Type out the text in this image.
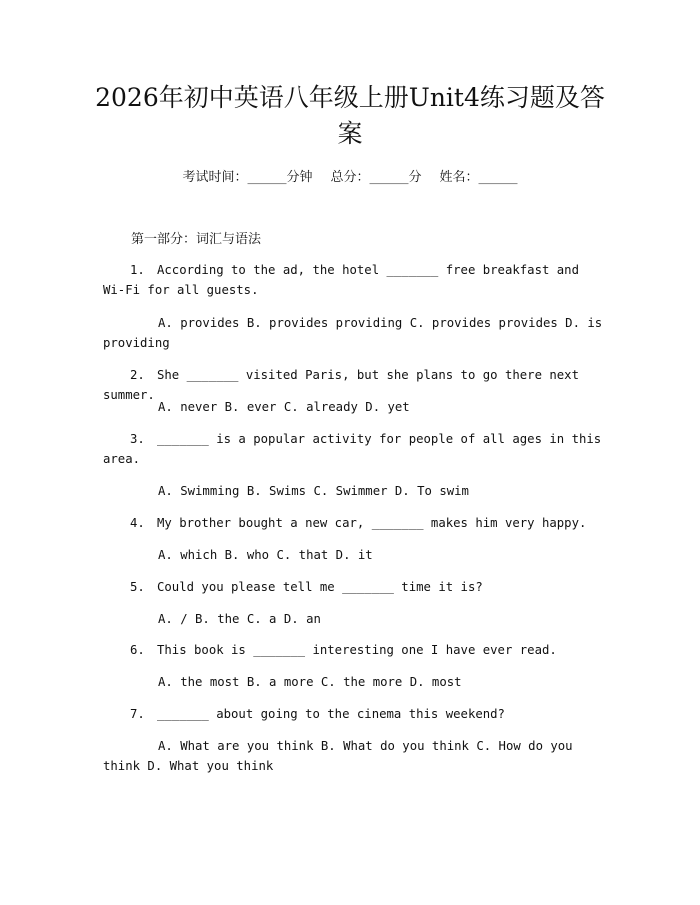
2026年初中英语八年级上册Unit4练习题及答案
考试时间：______分钟 总分：______分 姓名：______
第一部分：词汇与语法
1. According to the ad, the hotel _______ free breakfast and Wi-Fi for all guests.
A. provides B. provides providing C. provides provides D. is providing
2. She _______ visited Paris, but she plans to go there next summer.
A. never B. ever C. already D. yet
3. _______ is a popular activity for people of all ages in this area.
A. Swimming B. Swims C. Swimmer D. To swim
4. My brother bought a new car, _______ makes him very happy.
A. which B. who C. that D. it
5. Could you please tell me _______ time it is?
A. / B. the C. a D. an
6. This book is _______ interesting one I have ever read.
A. the most B. a more C. the more D. most
7. _______ about going to the cinema this weekend?
A. What are you think B. What do you think C. How do you think D. What you think
